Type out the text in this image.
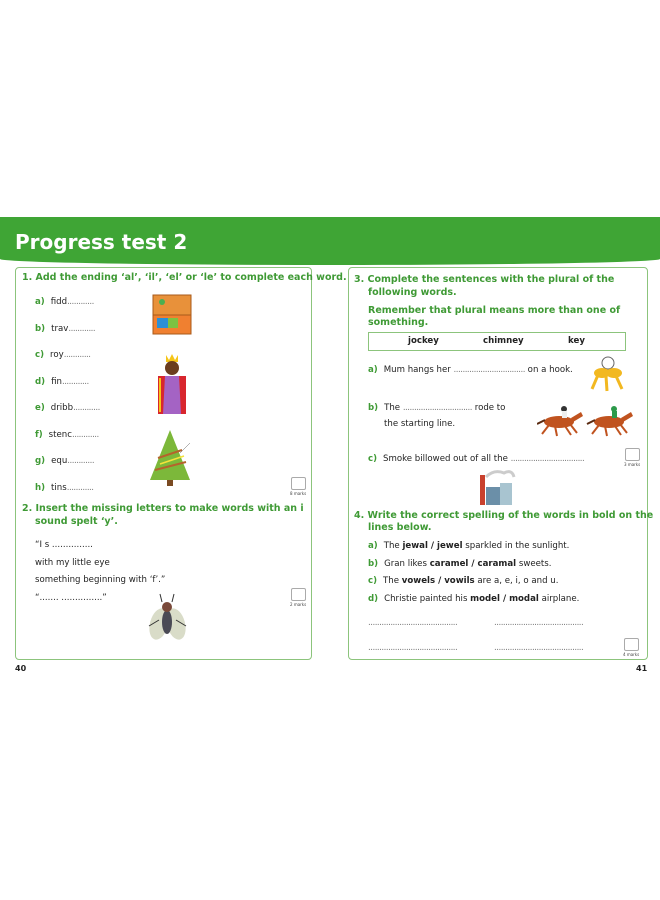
Progress test 2
1. Add the ending ‘al’, ‘il’, ‘el’ or ‘le’ to complete each word.
a) fidd............
b) trav............
c) roy............
d) fin............
e) dribb............
f) stenc............
g) equ............
h) tins............
8 marks
2. Insert the missing letters to make words with an i
sound spelt ‘y’.
“I s ...............
with my little eye
something beginning with ‘f’.”
“....... ...............”
2 marks
40
3. Complete the sentences with the plural of the
following words.
Remember that plural means more than one of
something.
jockey	chimney	key
a) Mum hangs her ................................ on a hook.
b) The ............................... rode to
the starting line.
c) Smoke billowed out of all the .................................
3 marks
4. Write the correct spelling of the words in bold on the
lines below.
a) The jewal / jewel sparkled in the sunlight.
b) Gran likes caramel / caramal sweets.
c) The vowels / vowils are a, e, i, o and u.
d) Christie painted his model / modal airplane.
........................................	........................................
........................................	........................................
4 marks
41
